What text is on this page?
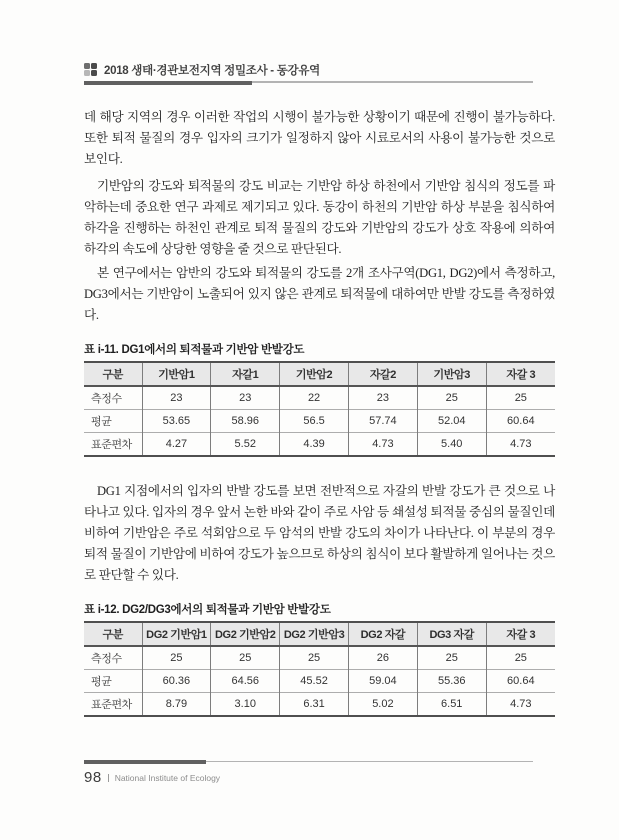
2018 생태·경관보전지역 정밀조사 - 동강유역

데 해당 지역의 경우 이러한 작업의 시행이 불가능한 상황이기 때문에 진행이 불가능하다. 또한 퇴적 물질의 경우 입자의 크기가 일정하지 않아 시료로서의 사용이 불가능한 것으로 보인다.

기반암의 강도와 퇴적물의 강도 비교는 기반암 하상 하천에서 기반암 침식의 정도를 파악하는데 중요한 연구 과제로 제기되고 있다. 동강이 하천의 기반암 하상 부분을 침식하여 하각을 진행하는 하천인 관계로 퇴적 물질의 강도와 기반암의 강도가 상호 작용에 의하여 하각의 속도에 상당한 영향을 줄 것으로 판단된다.

본 연구에서는 암반의 강도와 퇴적물의 강도를 2개 조사구역(DG1, DG2)에서 측정하고, DG3에서는 기반암이 노출되어 있지 않은 관계로 퇴적물에 대하여만 반발 강도를 측정하였다.

표 i-11. DG1에서의 퇴적물과 기반암 반발강도
구분	기반암1	자갈1	기반암2	자갈2	기반암3	자갈 3
측정수	23	23	22	23	25	25
평균	53.65	58.96	56.5	57.74	52.04	60.64
표준편차	4.27	5.52	4.39	4.73	5.40	4.73

DG1 지점에서의 입자의 반발 강도를 보면 전반적으로 자갈의 반발 강도가 큰 것으로 나타나고 있다. 입자의 경우 앞서 논한 바와 같이 주로 사암 등 쇄설성 퇴적물 중심의 물질인데 비하여 기반암은 주로 석회암으로 두 암석의 반발 강도의 차이가 나타난다. 이 부분의 경우 퇴적 물질이 기반암에 비하여 강도가 높으므로 하상의 침식이 보다 활발하게 일어나는 것으로 판단할 수 있다.

표 i-12. DG2/DG3에서의 퇴적물과 기반암 반발강도
구분	DG2 기반암1	DG2 기반암2	DG2 기반암3	DG2 자갈	DG3 자갈	자갈 3
측정수	25	25	25	26	25	25
평균	60.36	64.56	45.52	59.04	55.36	60.64
표준편차	8.79	3.10	6.31	5.02	6.51	4.73
98 National Institute of Ecology
